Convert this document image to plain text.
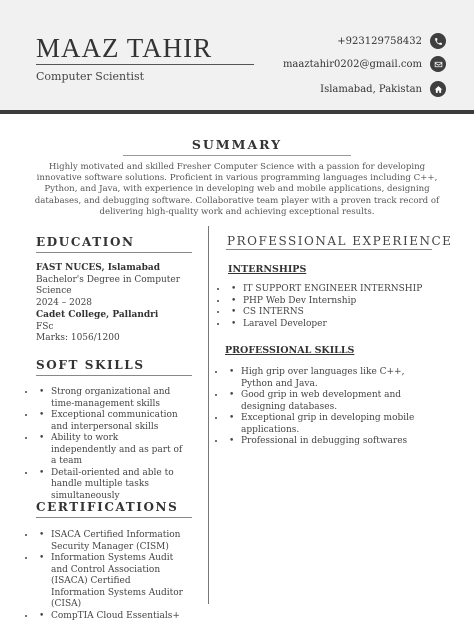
MAAZ TAHIR
Computer Scientist
+923129758432
maaztahir0202@gmail.com
Islamabad, Pakistan
SUMMARY
Highly motivated and skilled Fresher Computer Science with a passion for developing innovative software solutions. Proficient in various programming languages including C++, Python, and Java, with experience in developing web and mobile applications, designing databases, and debugging software. Collaborative team player with a proven track record of delivering high-quality work and achieving exceptional results.
EDUCATION
FAST NUCES, Islamabad
Bachelor's Degree in Computer Science
2024 – 2028
Cadet College, Pallandri
FSc
Marks: 1056/1200
SOFT SKILLS
• • Strong organizational and time-management skills
• • Exceptional communication and interpersonal skills
• • Ability to work independently and as part of a team
• • Detail-oriented and able to handle multiple tasks simultaneously
CERTIFICATIONS
• • ISACA Certified Information Security Manager (CISM)
• • Information Systems Audit and Control Association (ISACA) Certified Information Systems Auditor (CISA)
• • CompTIA Cloud Essentials+
PROFESSIONAL EXPERIENCE
INTERNSHIPS
• • IT SUPPORT ENGINEER INTERNSHIP
• • PHP Web Dev Internship
• • CS INTERNS
• • Laravel Developer
PROFESSIONAL SKILLS
• • High grip over languages like C++, Python and Java.
• • Good grip in web development and designing databases.
• • Exceptional grip in developing mobile applications.
• • Professional in debugging softwares
